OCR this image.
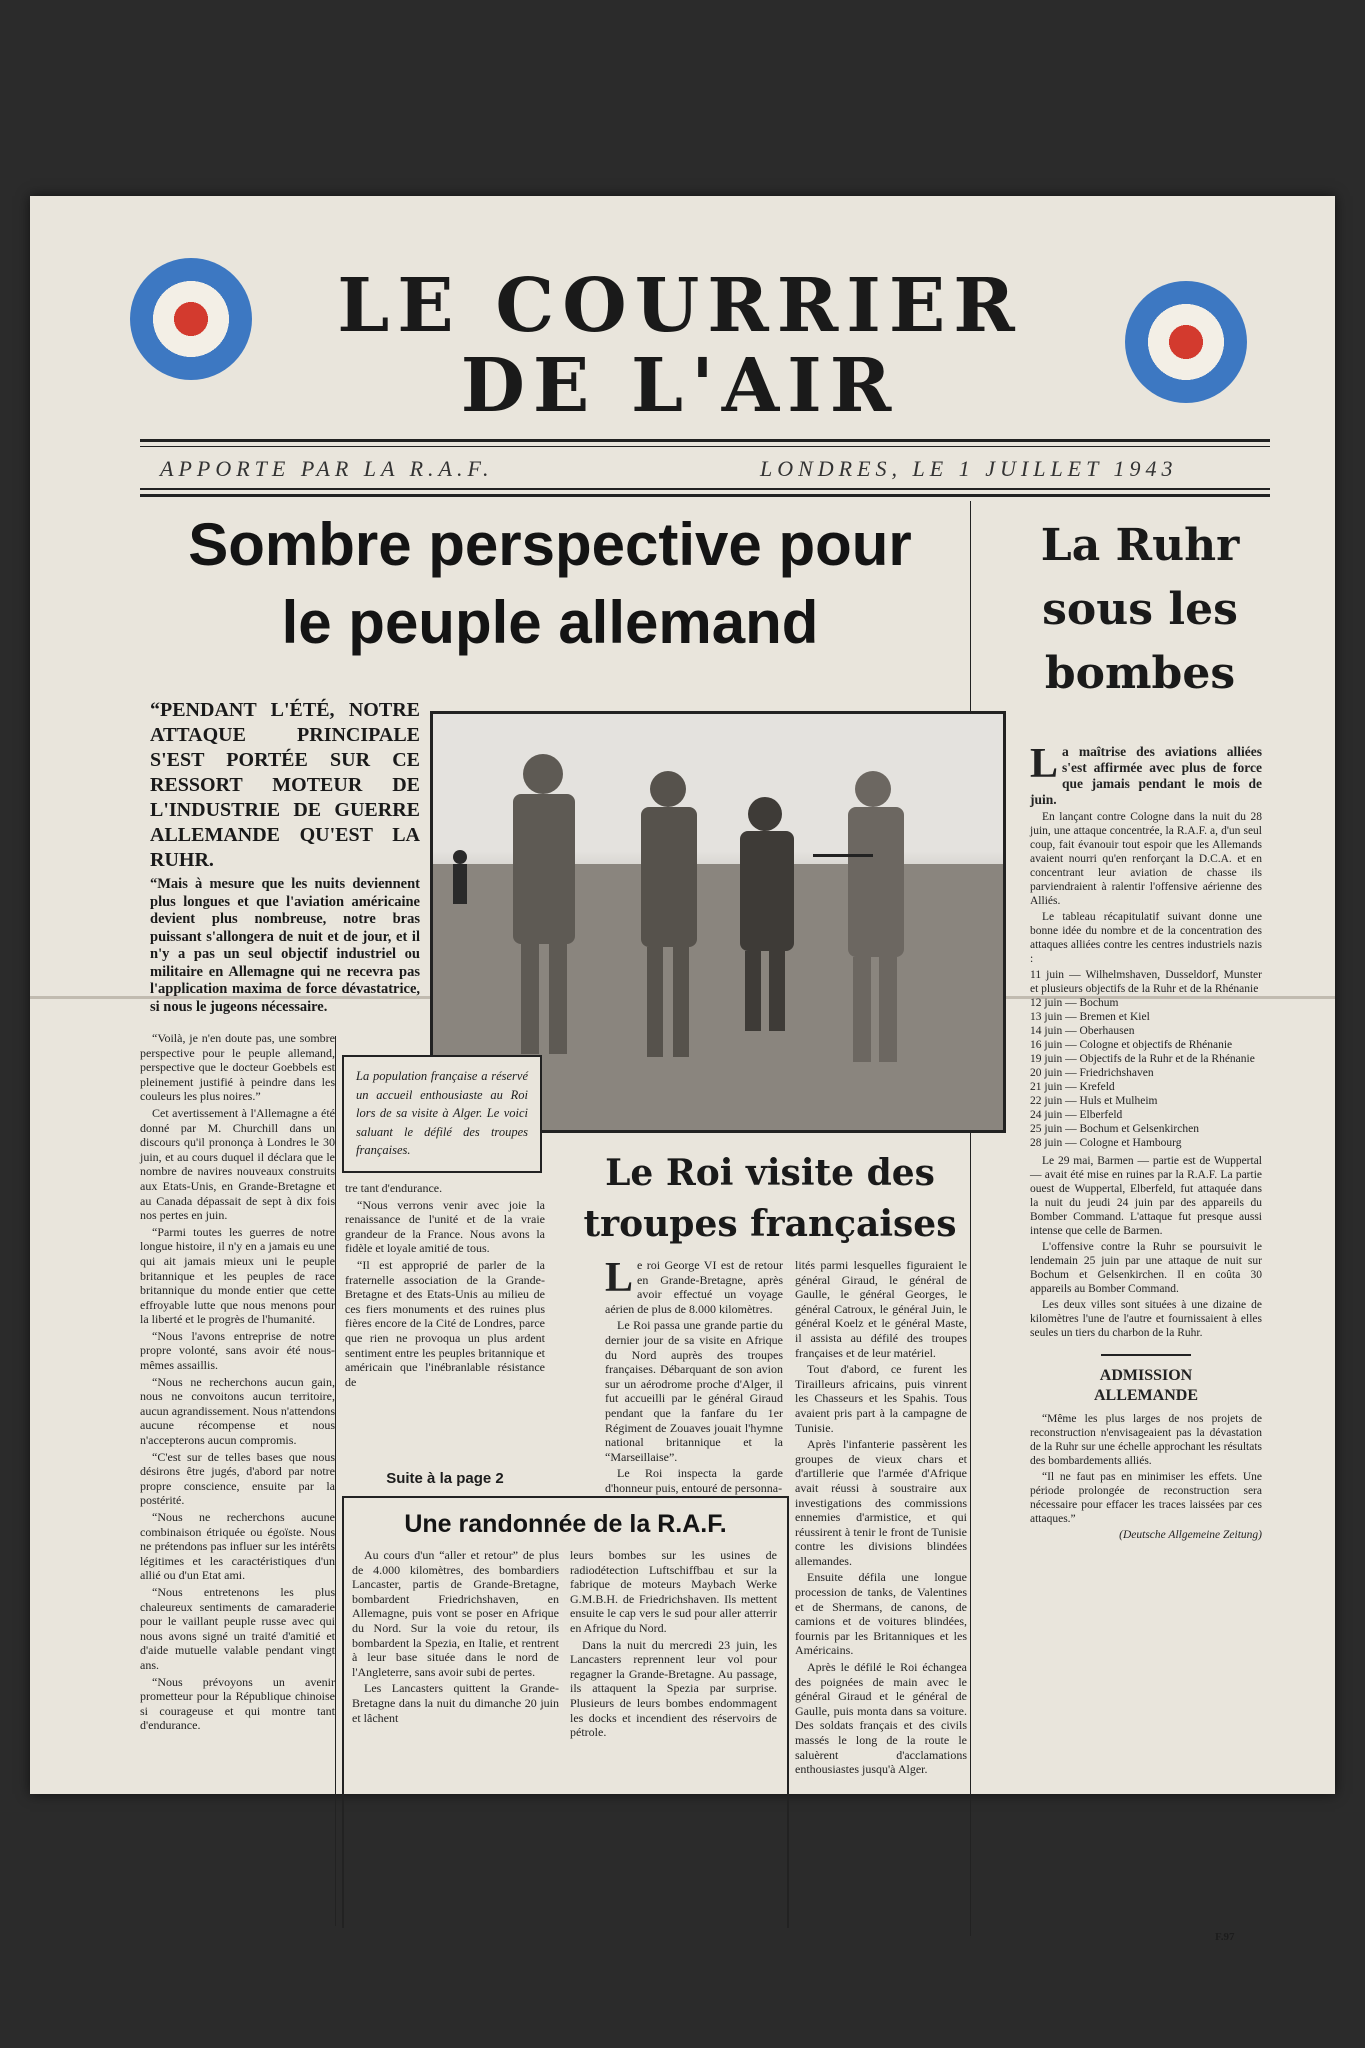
LE COURRIER
DE L'AIR
APPORTE PAR LA R.A.F.	LONDRES, LE 1 JUILLET 1943
Sombre perspective pour
le peuple allemand
“PENDANT L'ÉTÉ, NOTRE ATTAQUE PRINCIPALE S'EST PORTÉE SUR CE RESSORT MOTEUR DE L'INDUSTRIE DE GUERRE ALLEMANDE QU'EST LA RUHR.
“Mais à mesure que les nuits deviennent plus longues et que l'aviation américaine devient plus nombreuse, notre bras puissant s'allongera de nuit et de jour, et il n'y a pas un seul objectif industriel ou militaire en Allemagne qui ne recevra pas l'application maxima de force dévastatrice, si nous le jugeons nécessaire.

“Voilà, je n'en doute pas, une sombre perspective pour le peuple allemand, perspective que le docteur Goebbels est pleinement justifié à peindre dans les couleurs les plus noires.”

Cet avertissement à l'Allemagne a été donné par M. Churchill dans un discours qu'il prononça à Londres le 30 juin, et au cours duquel il déclara que le nombre de navires nouveaux construits aux Etats-Unis, en Grande-Bretagne et au Canada dépassait de sept à dix fois nos pertes en juin.

“Parmi toutes les guerres de notre longue histoire, il n'y en a jamais eu une qui ait jamais mieux uni le peuple britannique et les peuples de race britannique du monde entier que cette effroyable lutte que nous menons pour la liberté et le progrès de l'humanité.

“Nous l'avons entreprise de notre propre volonté, sans avoir été nous-mêmes assaillis.

“Nous ne recherchons aucun gain, nous ne convoitons aucun territoire, aucun agrandissement. Nous n'attendons aucune récompense et nous n'accepterons aucun compromis.

“C'est sur de telles bases que nous désirons être jugés, d'abord par notre propre conscience, ensuite par la postérité.

“Nous ne recherchons aucune combinaison étriquée ou égoïste. Nous ne prétendons pas influer sur les intérêts légitimes et les caractéristiques d'un allié ou d'un Etat ami.

“Nous entretenons les plus chaleureux sentiments de camaraderie pour le vaillant peuple russe avec qui nous avons signé un traité d'amitié et d'aide mutuelle valable pendant vingt ans.

“Nous prévoyons un avenir prometteur pour la République chinoise si courageuse et qui montre tant d'endurance.

tre tant d'endurance.

“Nous verrons venir avec joie la renaissance de l'unité et de la vraie grandeur de la France. Nous avons la fidèle et loyale amitié de tous.

“Il est approprié de parler de la fraternelle association de la Grande-Bretagne et des Etats-Unis au milieu de ces fiers monuments et des ruines plus fières encore de la Cité de Londres, parce que rien ne provoqua un plus ardent sentiment entre les peuples britannique et américain que l'inébranlable résistance de

Suite à la page 2
La population française a réservé un accueil enthousiaste au Roi lors de sa visite à Alger. Le voici saluant le défilé des troupes françaises.
Le Roi visite des
troupes françaises
L e roi George VI est de retour en Grande-Bretagne, après avoir effectué un voyage aérien de plus de 8.000 kilomètres.

Le Roi passa une grande partie du dernier jour de sa visite en Afrique du Nord auprès des troupes françaises. Débarquant de son avion sur un aérodrome proche d'Alger, il fut accueilli par le général Giraud pendant que la fanfare du 1er Régiment de Zouaves jouait l'hymne national britannique et la “Marseillaise”.

Le Roi inspecta la garde d'honneur puis, entouré de personna-

lités parmi lesquelles figuraient le général Giraud, le général de Gaulle, le général Georges, le général Catroux, le général Juin, le général Koelz et le général Maste, il assista au défilé des troupes françaises et de leur matériel.

Tout d'abord, ce furent les Tirailleurs africains, puis vinrent les Chasseurs et les Spahis. Tous avaient pris part à la campagne de Tunisie.

Après l'infanterie passèrent les groupes de vieux chars et d'artillerie que l'armée d'Afrique avait réussi à soustraire aux investigations des commissions ennemies d'armistice, et qui réussirent à tenir le front de Tunisie contre les divisions blindées allemandes.

Ensuite défila une longue procession de tanks, de Valentines et de Shermans, de canons, de camions et de voitures blindées, fournis par les Britanniques et les Américains.

Après le défilé le Roi échangea des poignées de main avec le général Giraud et le général de Gaulle, puis monta dans sa voiture. Des soldats français et des civils massés le long de la route le saluèrent d'acclamations enthousiastes jusqu'à Alger.

Une randonnée de la R.A.F.

Au cours d'un “aller et retour” de plus de 4.000 kilomètres, des bombardiers Lancaster, partis de Grande-Bretagne, bombardent Friedrichshaven, en Allemagne, puis vont se poser en Afrique du Nord. Sur la voie du retour, ils bombardent la Spezia, en Italie, et rentrent à leur base située dans le nord de l'Angleterre, sans avoir subi de pertes.

Les Lancasters quittent la Grande-Bretagne dans la nuit du dimanche 20 juin et lâchent

leurs bombes sur les usines de radiodétection Luftschiffbau et sur la fabrique de moteurs Maybach Werke G.M.B.H. de Friedrichshaven. Ils mettent ensuite le cap vers le sud pour aller atterrir en Afrique du Nord.

Dans la nuit du mercredi 23 juin, les Lancasters reprennent leur vol pour regagner la Grande-Bretagne. Au passage, ils attaquent la Spezia par surprise. Plusieurs de leurs bombes endommagent les docks et incendient des réservoirs de pétrole.

La Ruhr
sous les
bombes
L a maîtrise des aviations alliées s'est affirmée avec plus de force que jamais pendant le mois de juin.

En lançant contre Cologne dans la nuit du 28 juin, une attaque concentrée, la R.A.F. a, d'un seul coup, fait évanouir tout espoir que les Allemands avaient nourri qu'en renforçant la D.C.A. et en concentrant leur aviation de chasse ils parviendraient à ralentir l'offensive aérienne des Alliés.

Le tableau récapitulatif suivant donne une bonne idée du nombre et de la concentration des attaques alliées contre les centres industriels nazis :

11 juin — Wilhelmshaven, Dusseldorf, Munster et plusieurs objectifs de la Ruhr et de la Rhénanie
12 juin — Bochum
13 juin — Bremen et Kiel
14 juin — Oberhausen
16 juin — Cologne et objectifs de Rhénanie
19 juin — Objectifs de la Ruhr et de la Rhénanie
20 juin — Friedrichshaven
21 juin — Krefeld
22 juin — Huls et Mulheim
24 juin — Elberfeld
25 juin — Bochum et Gelsenkirchen
28 juin — Cologne et Hambourg

Le 29 mai, Barmen — partie est de Wuppertal — avait été mise en ruines par la R.A.F. La partie ouest de Wuppertal, Elberfeld, fut attaquée dans la nuit du jeudi 24 juin par des appareils du Bomber Command. L'attaque fut presque aussi intense que celle de Barmen.

L'offensive contre la Ruhr se poursuivit le lendemain 25 juin par une attaque de nuit sur Bochum et Gelsenkirchen. Il en coûta 30 appareils au Bomber Command.

Les deux villes sont situées à une dizaine de kilomètres l'une de l'autre et fournissaient à elles seules un tiers du charbon de la Ruhr.

ADMISSION
ALLEMANDE

“Même les plus larges de nos projets de reconstruction n'envisageaient pas la dévastation de la Ruhr sur une échelle approchant les résultats des bombardements alliés.

“Il ne faut pas en minimiser les effets. Une période prolongée de reconstruction sera nécessaire pour effacer les traces laissées par ces attaques.”

(Deutsche Allgemeine Zeitung)
F.97
